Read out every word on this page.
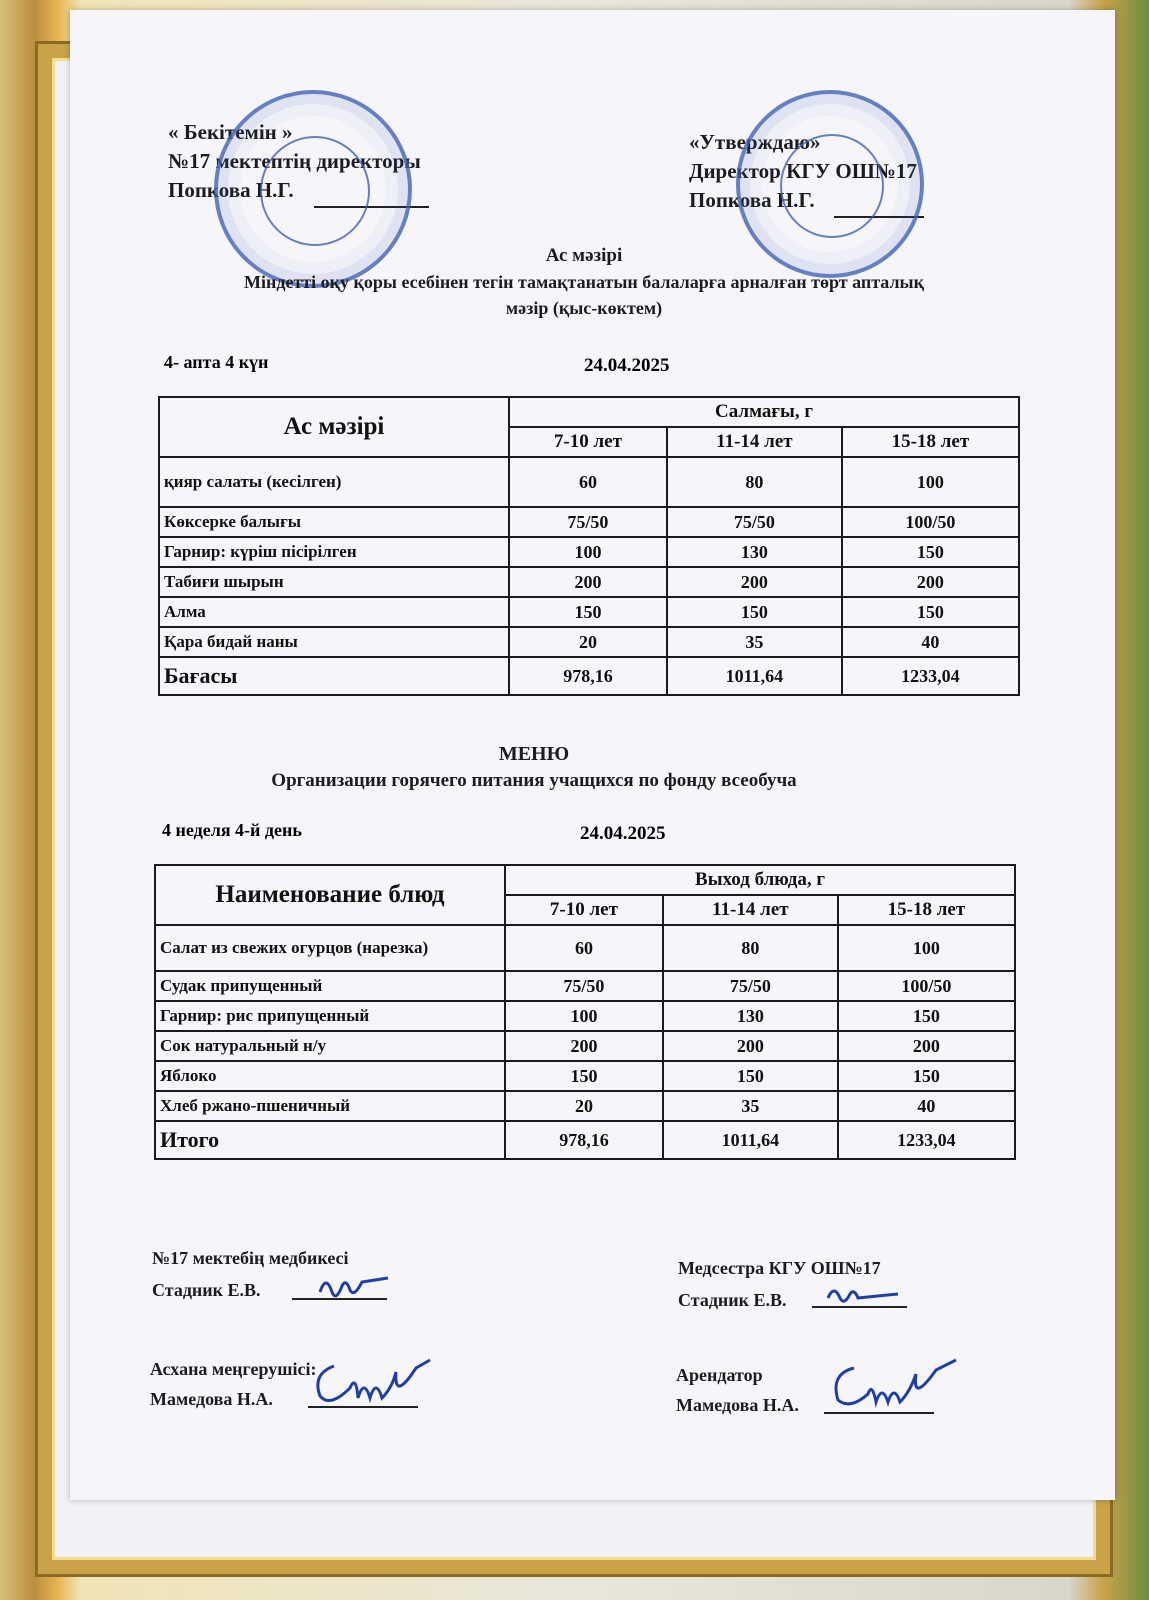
« Бекітемін »
№17 мектептің директоры
Попкова Н.Г.
«Утверждаю»
Директор КГУ ОШ№17
Попкова Н.Г.
Ас мәзірі
Міндетті оқу қоры есебінен тегін тамақтанатын балаларға арналған төрт апталық
мәзір (қыс-көктем)
4- апта 4 күн	24.04.2025
Ас мәзірі	Салмағы, г		
	7-10 лет	11-14 лет	15-18 лет
қияр салаты (кесілген)	60	80	100
Көксерке балығы	75/50	75/50	100/50
Гарнир: күріш пісірілген	100	130	150
Табиғи шырын	200	200	200
Алма	150	150	150
Қара бидай наны	20	35	40
Бағасы	978,16	1011,64	1233,04
МЕНЮ
Организации горячего питания учащихся по фонду всеобуча
4 неделя 4-й день	24.04.2025
Наименование блюд	Выход блюда, г		
	7-10 лет	11-14 лет	15-18 лет
Салат из свежих огурцов (нарезка)	60	80	100
Судак припущенный	75/50	75/50	100/50
Гарнир: рис припущенный	100	130	150
Сок натуральный н/у	200	200	200
Яблоко	150	150	150
Хлеб ржано-пшеничный	20	35	40
Итого	978,16	1011,64	1233,04
№17 мектебің медбикесі
Стадник Е.В.
Медсестра КГУ ОШ№17
Стадник Е.В.
Асхана меңгерушісі:
Мамедова Н.А.
Арендатор
Мамедова Н.А.
